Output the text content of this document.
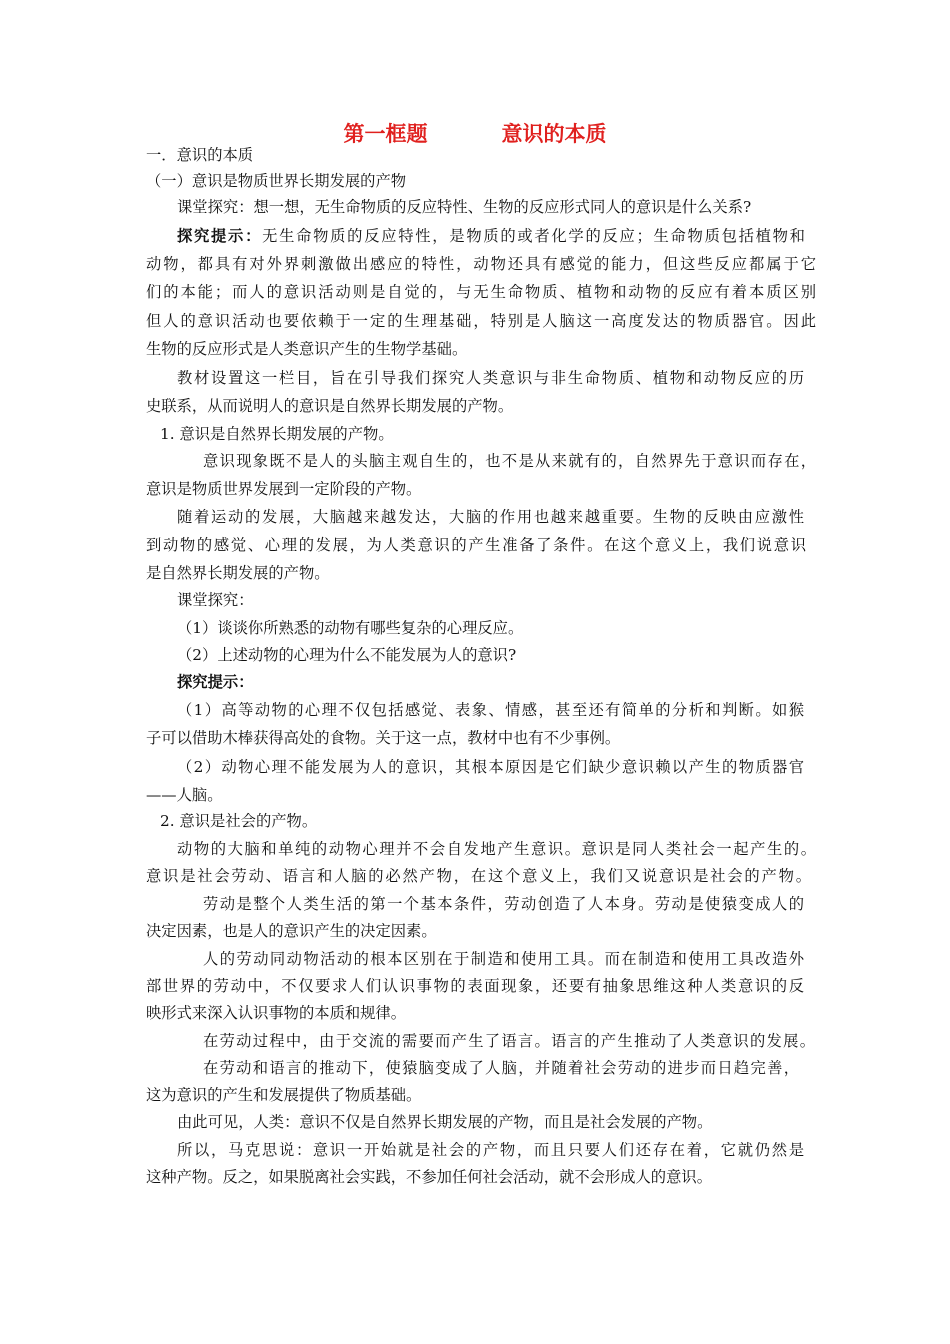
第一框题	意识的本质
一．意识的本质
（一）意识是物质世界长期发展的产物
课堂探究：想一想，无生命物质的反应特性、生物的反应形式同人的意识是什么关系?
探究提示：无生命物质的反应特性，是物质的或者化学的反应；生命物质包括植物和
动物，都具有对外界刺激做出感应的特性，动物还具有感觉的能力，但这些反应都属于它
们的本能；而人的意识活动则是自觉的，与无生命物质、植物和动物的反应有着本质区别
但人的意识活动也要依赖于一定的生理基础，特别是人脑这一高度发达的物质器官。因此
生物的反应形式是人类意识产生的生物学基础。
教材设置这一栏目，旨在引导我们探究人类意识与非生命物质、植物和动物反应的历
史联系，从而说明人的意识是自然界长期发展的产物。
1. 意识是自然界长期发展的产物。
意识现象既不是人的头脑主观自生的，也不是从来就有的，自然界先于意识而存在，
意识是物质世界发展到一定阶段的产物。
随着运动的发展，大脑越来越发达，大脑的作用也越来越重要。生物的反映由应激性
到动物的感觉、心理的发展，为人类意识的产生准备了条件。在这个意义上，我们说意识
是自然界长期发展的产物。
课堂探究：
（1）谈谈你所熟悉的动物有哪些复杂的心理反应。
（2）上述动物的心理为什么不能发展为人的意识?
探究提示：
（1）高等动物的心理不仅包括感觉、表象、情感，甚至还有简单的分析和判断。如猴
子可以借助木棒获得高处的食物。关于这一点，教材中也有不少事例。
（2）动物心理不能发展为人的意识，其根本原因是它们缺少意识赖以产生的物质器官
——人脑。
2. 意识是社会的产物。
动物的大脑和单纯的动物心理并不会自发地产生意识。意识是同人类社会一起产生的。
意识是社会劳动、语言和人脑的必然产物，在这个意义上，我们又说意识是社会的产物。
劳动是整个人类生活的第一个基本条件，劳动创造了人本身。劳动是使猿变成人的
决定因素，也是人的意识产生的决定因素。
人的劳动同动物活动的根本区别在于制造和使用工具。而在制造和使用工具改造外
部世界的劳动中，不仅要求人们认识事物的表面现象，还要有抽象思维这种人类意识的反
映形式来深入认识事物的本质和规律。
在劳动过程中，由于交流的需要而产生了语言。语言的产生推动了人类意识的发展。
在劳动和语言的推动下，使猿脑变成了人脑，并随着社会劳动的进步而日趋完善，
这为意识的产生和发展提供了物质基础。
由此可见，人类：意识不仅是自然界长期发展的产物，而且是社会发展的产物。
所以，马克思说：意识一开始就是社会的产物，而且只要人们还存在着，它就仍然是
这种产物。反之，如果脱离社会实践，不参加任何社会活动，就不会形成人的意识。
